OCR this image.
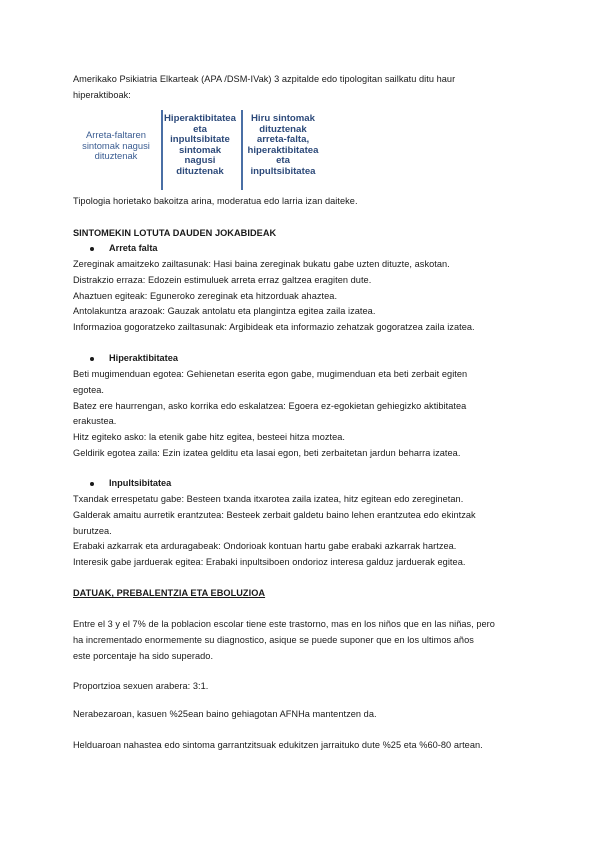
Amerikako Psikiatria Elkarteak (APA /DSM-IVak) 3 azpitalde edo tipologitan sailkatu ditu haur
hiperaktiboak:
Arreta-faltaren
sintomak nagusi
dituztenak
Hiperaktibitatea
eta
inpultsibitate
sintomak
nagusi
dituztenak
Hiru sintomak
dituztenak
arreta-falta,
hiperaktibitatea
eta
inpultsibitatea
Tipologia horietako bakoitza arina, moderatua edo larria izan daiteke.
SINTOMEKIN LOTUTA DAUDEN JOKABIDEAK
Arreta falta
Zereginak amaitzeko zailtasunak: Hasi baina zereginak bukatu gabe uzten dituzte, askotan.
Distrakzio erraza: Edozein estimuluek arreta erraz galtzea eragiten dute.
Ahaztuen egiteak: Eguneroko zereginak eta hitzorduak ahaztea.
Antolakuntza arazoak: Gauzak antolatu eta plangintza egitea zaila izatea.
Informazioa gogoratzeko zailtasunak: Argibideak eta informazio zehatzak gogoratzea zaila izatea.
Hiperaktibitatea
Beti mugimenduan egotea: Gehienetan eserita egon gabe, mugimenduan eta beti zerbait egiten
egotea.
Batez ere haurrengan, asko korrika edo eskalatzea: Egoera ez-egokietan gehiegizko aktibitatea
erakustea.
Hitz egiteko asko: la etenik gabe hitz egitea, besteei hitza moztea.
Geldirik egotea zaila: Ezin izatea gelditu eta lasai egon, beti zerbaitetan jardun beharra izatea.
Inpultsibitatea
Txandak errespetatu gabe: Besteen txanda itxarotea zaila izatea, hitz egitean edo zereginetan.
Galderak amaitu aurretik erantzutea: Besteek zerbait galdetu baino lehen erantzutea edo ekintzak
burutzea.
Erabaki azkarrak eta arduragabeak: Ondorioak kontuan hartu gabe erabaki azkarrak hartzea.
Interesik gabe jarduerak egitea: Erabaki inpultsiboen ondorioz interesa galduz jarduerak egitea.
DATUAK, PREBALENTZIA ETA EBOLUZIOA
Entre el 3 y el 7% de la poblacion escolar tiene este trastorno, mas en los niños que en las niñas, pero
ha incrementado enormemente su diagnostico, asique se puede suponer que en los ultimos años
este porcentaje ha sido superado.
Proportzioa sexuen arabera: 3:1.
Nerabezaroan, kasuen %25ean baino gehiagotan AFNHa mantentzen da.
Helduaroan nahastea edo sintoma garrantzitsuak edukitzen jarraituko dute %25 eta %60-80 artean.
